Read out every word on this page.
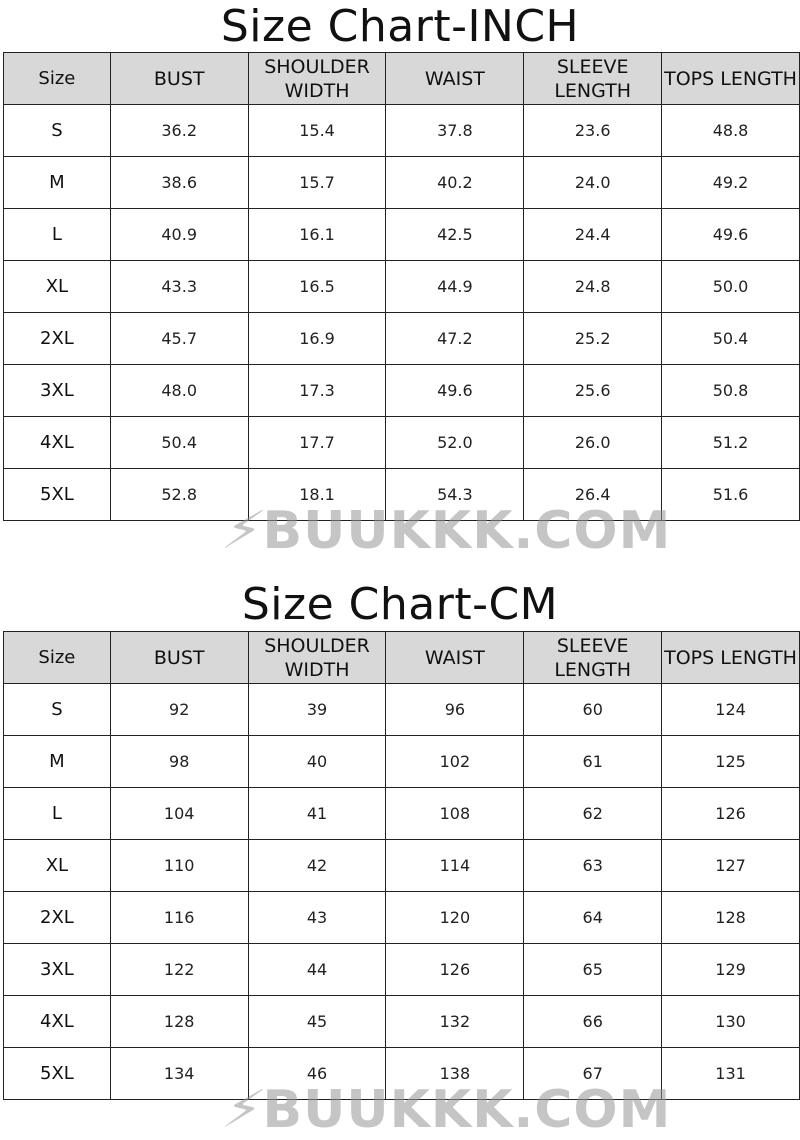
Size Chart-INCH
Size	BUST	SHOULDER WIDTH	WAIST	SLEEVE LENGTH	TOPS LENGTH
S	36.2	15.4	37.8	23.6	48.8
M	38.6	15.7	40.2	24.0	49.2
L	40.9	16.1	42.5	24.4	49.6
XL	43.3	16.5	44.9	24.8	50.0
2XL	45.7	16.9	47.2	25.2	50.4
3XL	48.0	17.3	49.6	25.6	50.8
4XL	50.4	17.7	52.0	26.0	51.2
5XL	52.8	18.1	54.3	26.4	51.6
⚡BUUKKK.COM
Size Chart-CM
Size	BUST	SHOULDER WIDTH	WAIST	SLEEVE LENGTH	TOPS LENGTH
S	92	39	96	60	124
M	98	40	102	61	125
L	104	41	108	62	126
XL	110	42	114	63	127
2XL	116	43	120	64	128
3XL	122	44	126	65	129
4XL	128	45	132	66	130
5XL	134	46	138	67	131
⚡BUUKKK.COM
